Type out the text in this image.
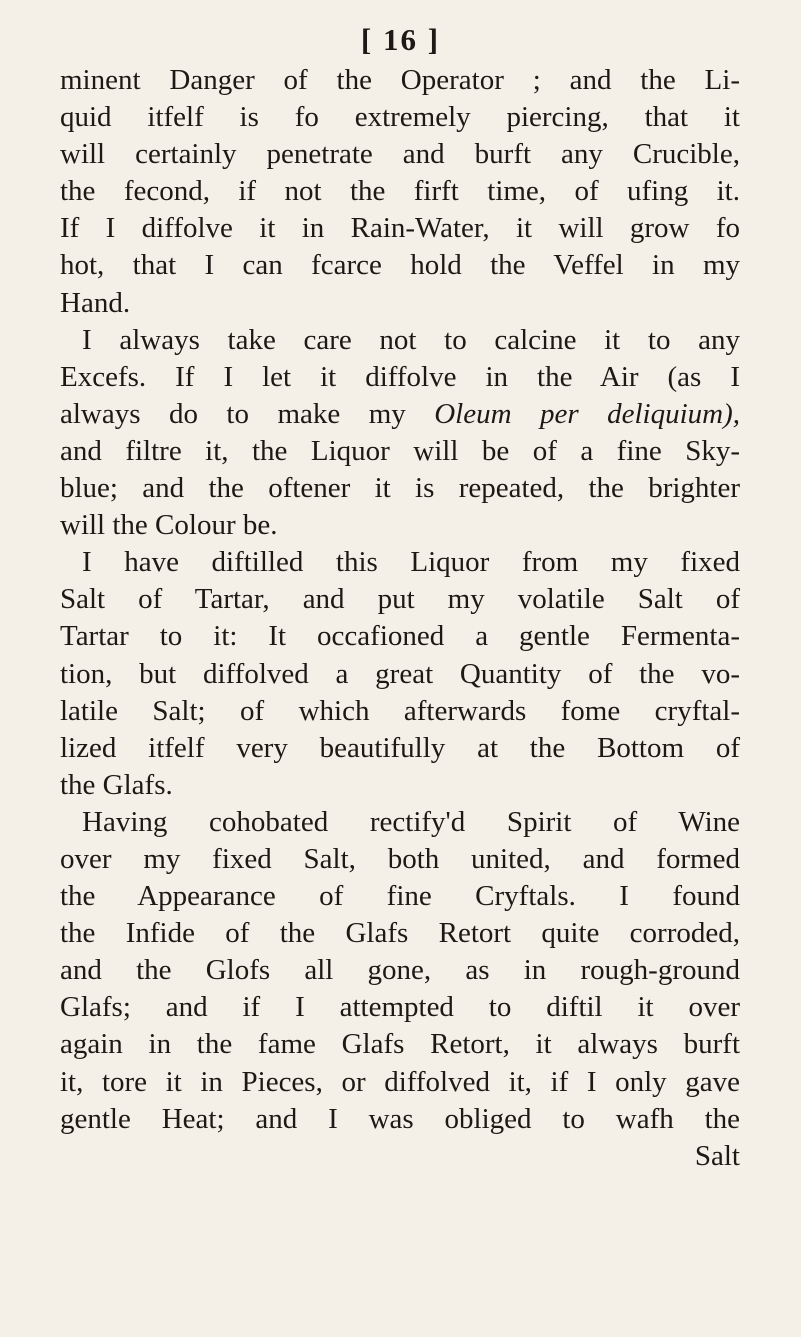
[ 16 ]
minent Danger of the Operator ; and the Li-
quid itfelf is fo extremely piercing, that it
will certainly penetrate and burft any Crucible,
the fecond, if not the firft time, of ufing it.
If I diffolve it in Rain-Water, it will grow fo
hot, that I can fcarce hold the Veffel in my
Hand.
I always take care not to calcine it to any
Excefs. If I let it diffolve in the Air (as I
always do to make my Oleum per deliquium),
and filtre it, the Liquor will be of a fine Sky-
blue; and the oftener it is repeated, the brighter
will the Colour be.
I have diftilled this Liquor from my fixed
Salt of Tartar, and put my volatile Salt of
Tartar to it: It occafioned a gentle Fermenta-
tion, but diffolved a great Quantity of the vo-
latile Salt; of which afterwards fome cryftal-
lized itfelf very beautifully at the Bottom of
the Glafs.
Having cohobated rectify'd Spirit of Wine
over my fixed Salt, both united, and formed
the Appearance of fine Cryftals. I found
the Infide of the Glafs Retort quite corroded,
and the Glofs all gone, as in rough-ground
Glafs; and if I attempted to diftil it over
again in the fame Glafs Retort, it always burft
it, tore it in Pieces, or diffolved it, if I only gave
gentle Heat; and I was obliged to wafh the
Salt
